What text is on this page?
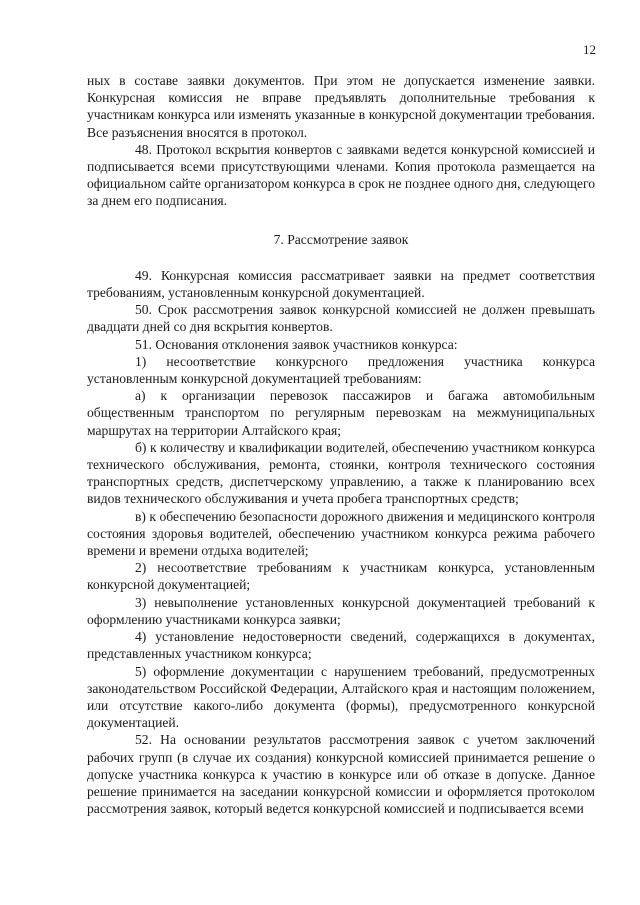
12

ных в составе заявки документов. При этом не допускается изменение заявки. Конкурсная комиссия не вправе предъявлять дополнительные требования к участникам конкурса или изменять указанные в конкурсной документации требования. Все разъяснения вносятся в протокол.

48. Протокол вскрытия конвертов с заявками ведется конкурсной комиссией и подписывается всеми присутствующими членами. Копия протокола размещается на официальном сайте организатором конкурса в срок не позднее одного дня, следующего за днем его подписания.

7. Рассмотрение заявок

49. Конкурсная комиссия рассматривает заявки на предмет соответствия требованиям, установленным конкурсной документацией.

50. Срок рассмотрения заявок конкурсной комиссией не должен превышать двадцати дней со дня вскрытия конвертов.

51. Основания отклонения заявок участников конкурса:

1) несоответствие конкурсного предложения участника конкурса установленным конкурсной документацией требованиям:

а) к организации перевозок пассажиров и багажа автомобильным общественным транспортом по регулярным перевозкам на межмуниципальных маршрутах на территории Алтайского края;

б) к количеству и квалификации водителей, обеспечению участником конкурса технического обслуживания, ремонта, стоянки, контроля технического состояния транспортных средств, диспетчерскому управлению, а также к планированию всех видов технического обслуживания и учета пробега транспортных средств;

в) к обеспечению безопасности дорожного движения и медицинского контроля состояния здоровья водителей, обеспечению участником конкурса режима рабочего времени и времени отдыха водителей;

2) несоответствие требованиям к участникам конкурса, установленным конкурсной документацией;

3) невыполнение установленных конкурсной документацией требований к оформлению участниками конкурса заявки;

4) установление недостоверности сведений, содержащихся в документах, представленных участником конкурса;

5) оформление документации с нарушением требований, предусмотренных законодательством Российской Федерации, Алтайского края и настоящим положением, или отсутствие какого-либо документа (формы), предусмотренного конкурсной документацией.

52. На основании результатов рассмотрения заявок с учетом заключений рабочих групп (в случае их создания) конкурсной комиссией принимается решение о допуске участника конкурса к участию в конкурсе или об отказе в допуске. Данное решение принимается на заседании конкурсной комиссии и оформляется протоколом рассмотрения заявок, который ведется конкурсной комиссией и подписывается всеми
